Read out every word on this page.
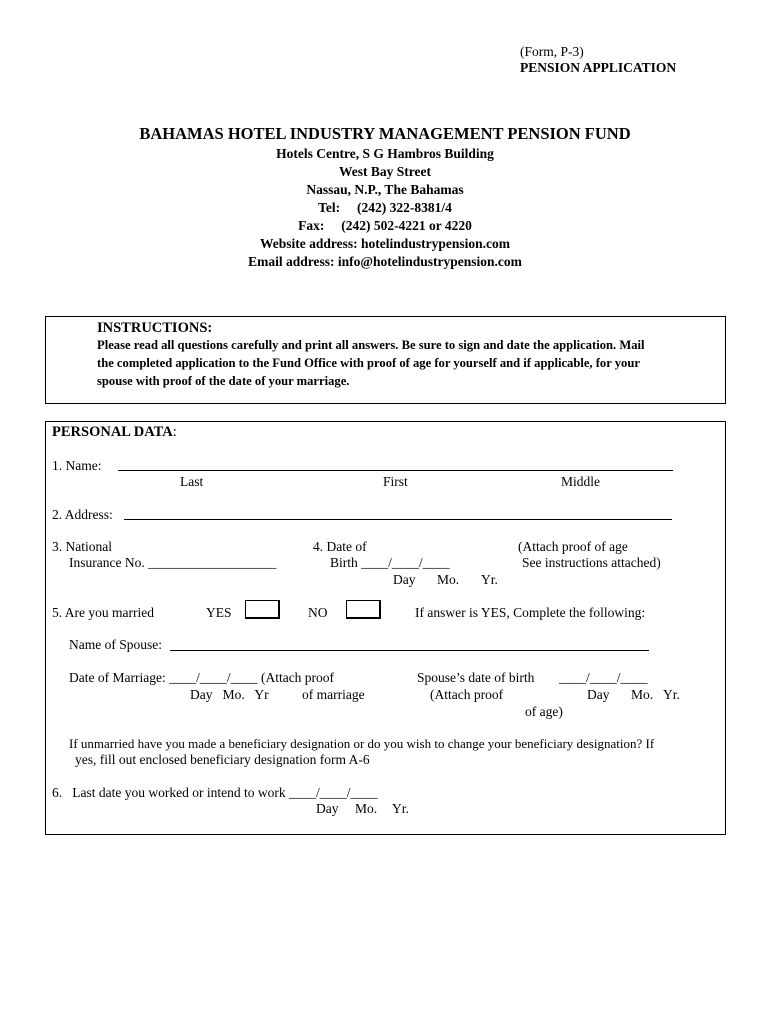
(Form, P-3)
PENSION APPLICATION
BAHAMAS HOTEL INDUSTRY MANAGEMENT PENSION FUND
Hotels Centre, S G Hambros Building
West Bay Street
Nassau, N.P., The Bahamas
Tel:     (242) 322-8381/4
Fax:     (242) 502-4221 or 4220
Website address: hotelindustrypension.com
Email address: info@hotelindustrypension.com
INSTRUCTIONS:
Please read all questions carefully and print all answers. Be sure to sign and date the application. Mail
the completed application to the Fund Office with proof of age for yourself and if applicable, for your
spouse with proof of the date of your marriage.
PERSONAL DATA:
1. Name:
Last	First	Middle
2. Address:
3. National
Insurance No. ___________________
4. Date of
Birth ____/____/____
Day Mo. Yr.
(Attach proof of age
See instructions attached)
5. Are you married	YES	NO	If answer is YES, Complete the following:
Name of Spouse:
Date of Marriage: ____/____/____ (Attach proof
Day   Mo.   Yr of marriage
Spouse’s date of birth ____/____/____
(Attach proof	Day Mo. Yr.
of age)
If unmarried have you made a beneficiary designation or do you wish to change your beneficiary designation? If
yes, fill out enclosed beneficiary designation form A-6
6.   Last date you worked or intend to work ____/____/____
Day Mo. Yr.
